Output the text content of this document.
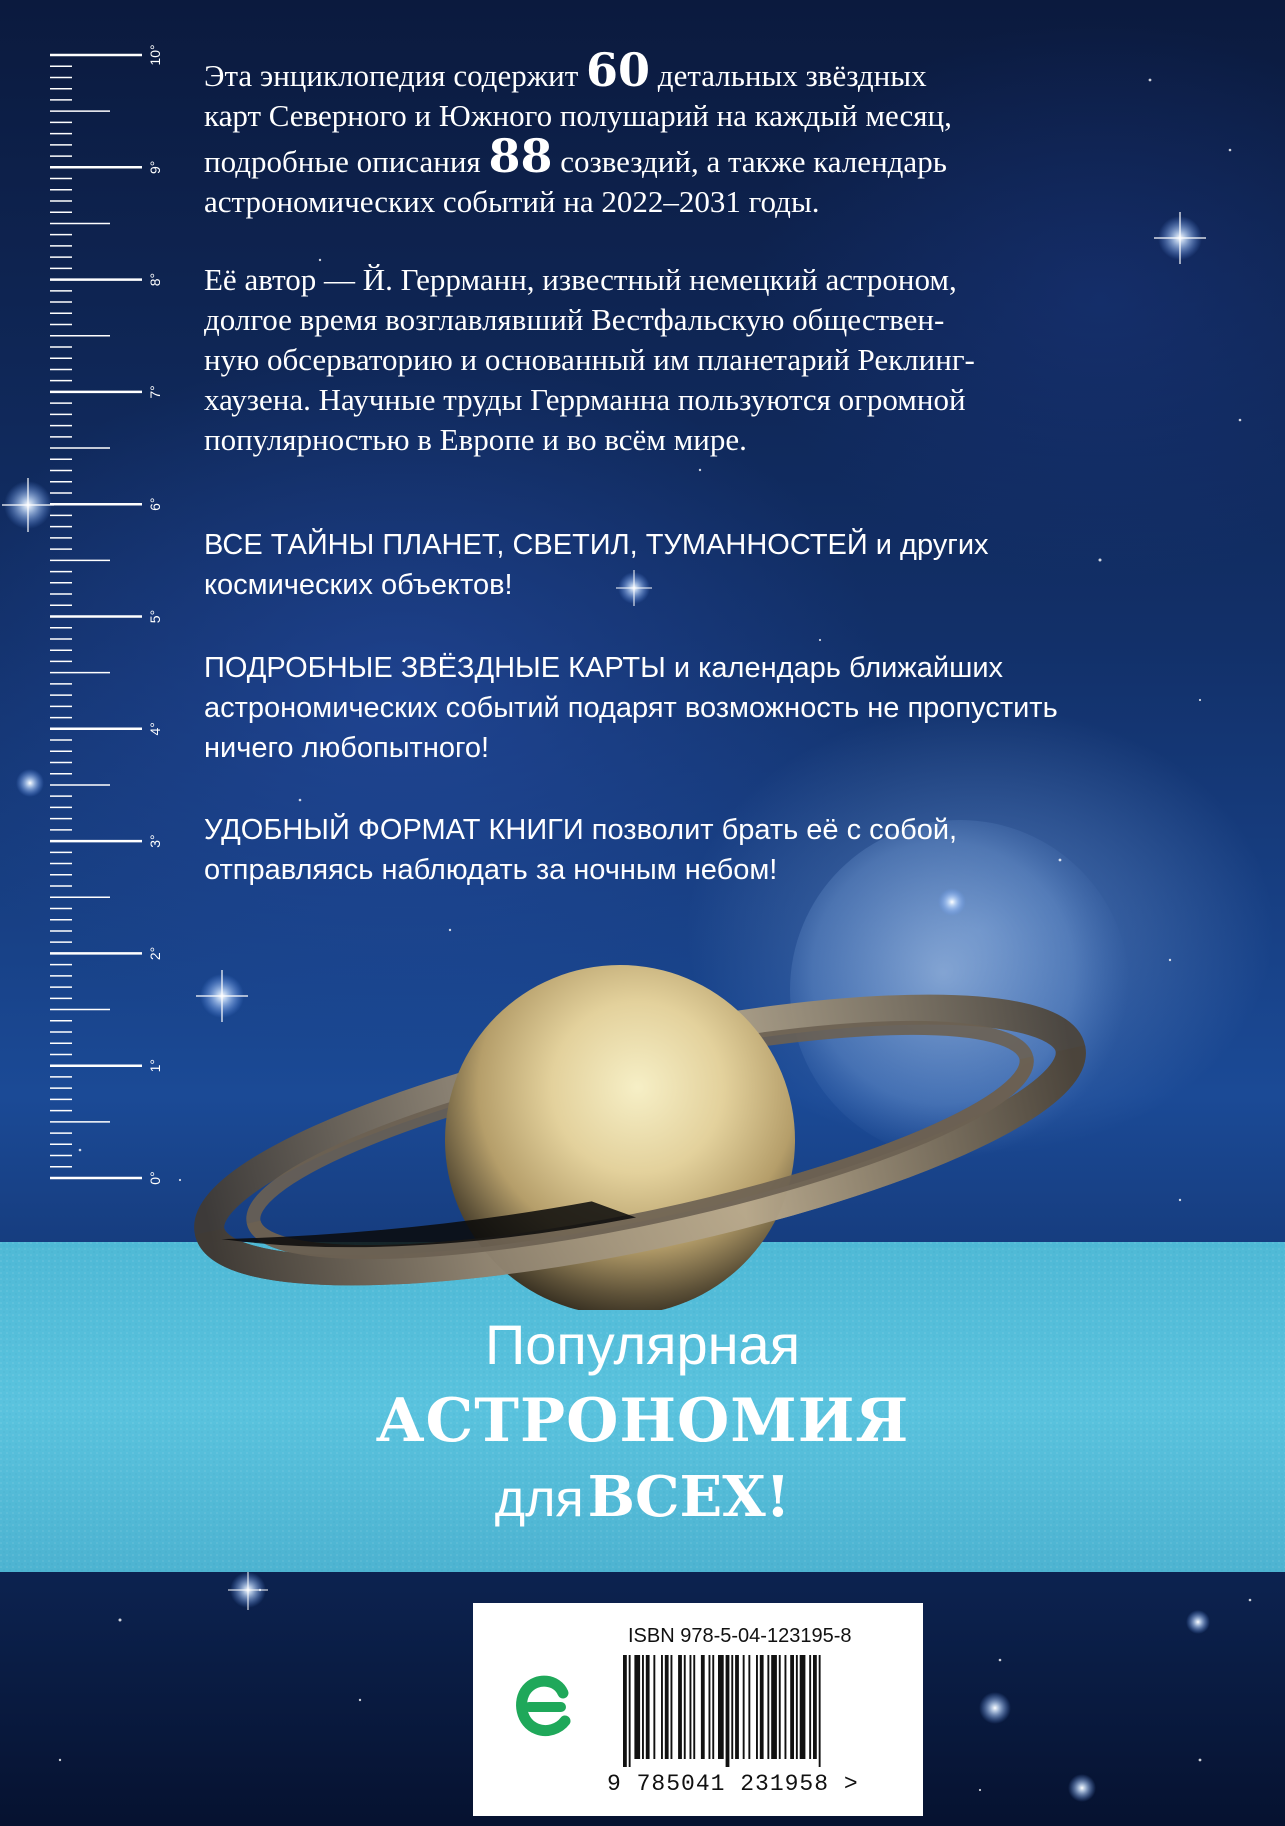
0°
1°
2°
3°
4°
5°
6°
7°
8°
9°
10°
Эта энциклопедия содержит 60 детальных звёздных
карт Северного и Южного полушарий на каждый месяц,
подробные описания 88 созвездий, а также календарь
астрономических событий на 2022–2031 годы.
Её автор — Й. Геррманн, известный немецкий астроном,
долгое время возглавлявший Вестфальскую обществен-
ную обсерваторию и основанный им планетарий Реклинг-
хаузена. Научные труды Геррманна пользуются огромной
популярностью в Европе и во всём мире.
ВСЕ ТАЙНЫ ПЛАНЕТ, СВЕТИЛ, ТУМАННОСТЕЙ и других
космических объектов!
ПОДРОБНЫЕ ЗВЁЗДНЫЕ КАРТЫ и календарь ближайших
астрономических событий подарят возможность не пропустить
ничего любопытного!
УДОБНЫЙ ФОРМАТ КНИГИ позволит брать её с собой,
отправляясь наблюдать за ночным небом!
Популярная
АСТРОНОМИЯ
для ВСЕХ!
ISBN 978-5-04-123195-8
9 785041 231958 >
